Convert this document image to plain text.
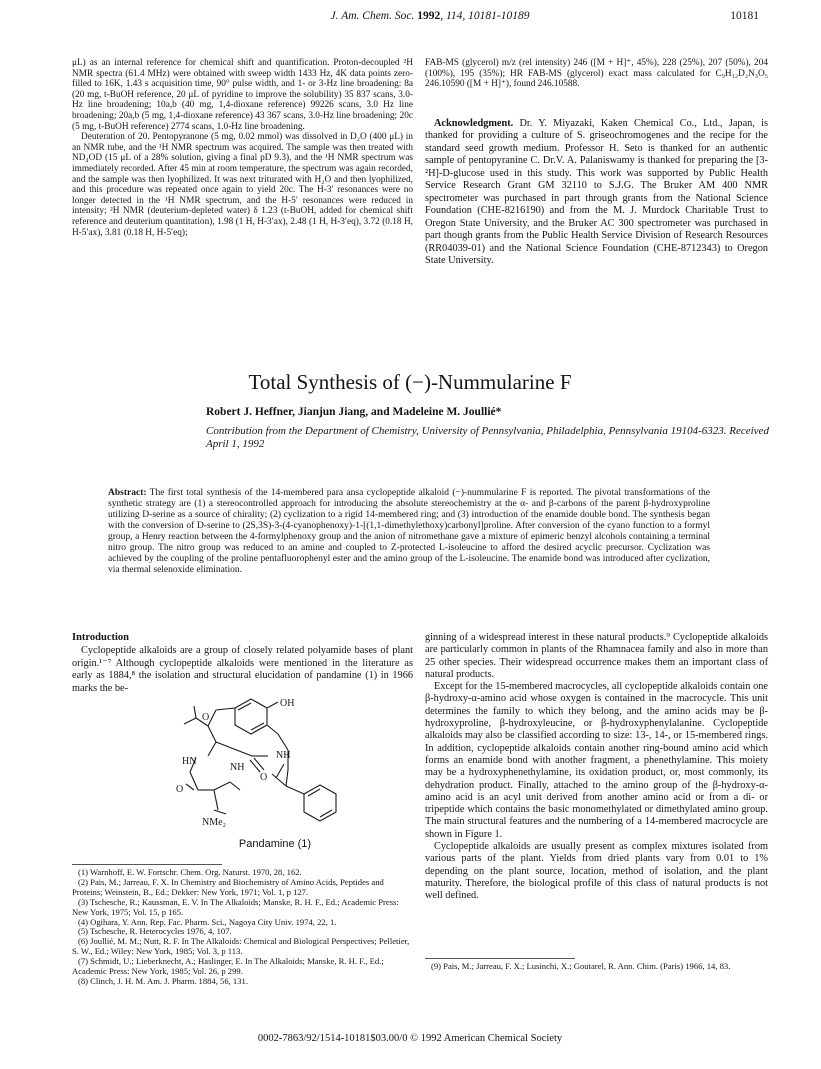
J. Am. Chem. Soc. 1992, 114, 10181-10189	10181

μL) as an internal reference for chemical shift and quantification. Proton-decoupled ²H NMR spectra (61.4 MHz) were obtained with sweep width 1433 Hz, 4K data points zero-filled to 16K, 1.43 s acquisition time, 90° pulse width, and 1- or 3-Hz line broadening: 8a (20 mg, t-BuOH reference, 20 μL of pyridine to improve the solubility) 35 837 scans, 3.0-Hz line broadening; 10a,b (40 mg, 1,4-dioxane reference) 99226 scans, 3.0 Hz line broadening; 20a,b (5 mg, 1,4-dioxane reference) 43 367 scans, 3.0-Hz line broadening; 20c (5 mg, t-BuOH reference) 2774 scans, 1.0-Hz line broadening.

Deuteration of 20. Pentopyranone (5 mg, 0.02 mmol) was dissolved in D₂O (400 μL) in an NMR tube, and the ¹H NMR spectrum was acquired. The sample was then treated with ND₄OD (15 μL of a 28% solution, giving a final pD 9.3), and the ¹H NMR spectrum was immediately recorded. After 45 min at room temperature, the spectrum was again recorded, and the sample was then lyophilized. It was next triturated with H₂O and then lyophilized, and this procedure was repeated once again to yield 20c. The H-3′ resonances were no longer detected in the ¹H NMR spectrum, and the H-5′ resonances were reduced in intensity; ²H NMR (deuterium-depleted water) δ 1.23 (t-BuOH, added for chemical shift reference and deuterium quantitation), 1.98 (1 H, H-3′ax), 2.48 (1 H, H-3′eq), 3.72 (0.18 H, H-5′ax), 3.81 (0.18 H, H-5′eq);

FAB-MS (glycerol) m/z (rel intensity) 246 ([M + H]⁺, 45%), 228 (25%), 207 (50%), 204 (100%), 195 (35%); HR FAB-MS (glycerol) exact mass calculated for C₉H₁₂D₂N₃O₅ 246.10590 ([M + H]⁺), found 246.10588.

Acknowledgment. Dr. Y. Miyazaki, Kaken Chemical Co., Ltd., Japan, is thanked for providing a culture of S. griseochromogenes and the recipe for the standard seed growth medium. Professor H. Seto is thanked for an authentic sample of pentopyranine C. Dr.V. A. Palaniswamy is thanked for preparing the [3-²H]-D-glucose used in this study. This work was supported by Public Health Service Research Grant GM 32110 to S.J.G. The Bruker AM 400 NMR spectrometer was purchased in part through grants from the National Science Foundation (CHE-8216190) and from the M. J. Murdock Charitable Trust to Oregon State University, and the Bruker AC 300 spectrometer was purchased in part though grants from the Public Health Service Division of Research Resources (RR04039-01) and the National Science Foundation (CHE-8712343) to Oregon State University.

Total Synthesis of (−)-Nummularine F
Robert J. Heffner, Jianjun Jiang, and Madeleine M. Joullié*
Contribution from the Department of Chemistry, University of Pennsylvania, Philadelphia, Pennsylvania 19104-6323. Received April 1, 1992
Abstract: The first total synthesis of the 14-membered para ansa cyclopeptide alkaloid (−)-nummularine F is reported. The pivotal transformations of the synthetic strategy are (1) a stereocontrolled approach for introducing the absolute stereochemistry at the α- and β-carbons of the parent β-hydroxyproline utilizing D-serine as a source of chirality; (2) cyclization to a rigid 14-membered ring; and (3) introduction of the enamide double bond. The synthesis began with the conversion of D-serine to (2S,3S)-3-(4-cyanophenoxy)-1-[(1,1-dimethylethoxy)carbonyl]proline. After conversion of the cyano function to a formyl group, a Henry reaction between the 4-formylphenoxy group and the anion of nitromethane gave a mixture of epimeric benzyl alcohols containing a terminal nitro group. The nitro group was reduced to an amine and coupled to Z-protected L-isoleucine to afford the desired acyclic precursor. Cyclization was achieved by the coupling of the proline pentafluorophenyl ester and the amino group of the L-isoleucine. The enamide bond was introduced after cyclization, via thermal selenoxide elimination.
Introduction

Cyclopeptide alkaloids are a group of closely related polyamide bases of plant origin.¹⁻⁷ Although cyclopeptide alkaloids were mentioned in the literature as early as 1884,⁸ the isolation and structural elucidation of pandamine (1) in 1966 marks the be-

OH
O
NH
HN
NH
O
O
NMe₂
Pandamine (1)

ginning of a widespread interest in these natural products.⁹ Cyclopeptide alkaloids are particularly common in plants of the Rhamnacea family and also in more than 25 other species. Their widespread occurrence makes them an important class of natural products.

Except for the 15-membered macrocycles, all cyclopeptide alkaloids contain one β-hydroxy-α-amino acid whose oxygen is contained in the macrocycle. This unit determines the family to which they belong, and the amino acids may be β-hydroxyproline, β-hydroxyleucine, or β-hydroxyphenylalanine. Cyclopeptide alkaloids may also be classified according to size: 13-, 14-, or 15-membered rings. In addition, cyclopeptide alkaloids contain another ring-bound amino acid which forms an enamide bond with another fragment, a phenethylamine. This moiety may be a hydroxyphenethylamine, its oxidation product, or, most commonly, its dehydration product. Finally, attached to the amino group of the β-hydroxy-α-amino acid is an acyl unit derived from another amino acid or from a di- or tripeptide which contains the basic monomethylated or dimethylated amino group. The main structural features and the numbering of a 14-membered macrocycle are shown in Figure 1.

Cyclopeptide alkaloids are usually present as complex mixtures isolated from various parts of the plant. Yields from dried plants vary from 0.01 to 1% depending on the plant source, location, method of isolation, and the plant maturity. Therefore, the biological profile of this class of natural products is not well defined.

(1) Warnhoff, E. W. Fortschr. Chem. Org. Naturst. 1970, 28, 162.

(2) Pais, M.; Jarreau, F. X. In Chemistry and Biochemistry of Amino Acids, Peptides and Proteins; Weinstein, B., Ed.; Dekker: New York, 1971; Vol. 1, p 127.

(3) Tschesche, R.; Kaussman, E. V. In The Alkaloids; Manske, R. H. F., Ed.; Academic Press: New York, 1975; Vol. 15, p 165.

(4) Ogihara, Y. Ann. Rep. Fac. Pharm. Sci., Nagoya City Univ. 1974, 22, 1.

(5) Tschesche, R. Heterocycles 1976, 4, 107.

(6) Joullié, M. M.; Nutt, R. F. In The Alkaloids: Chemical and Biological Perspectives; Pelletier, S. W., Ed.; Wiley: New York, 1985; Vol. 3, p 113.

(7) Schmidt, U.; Lieberknecht, A.; Haslinger, E. In The Alkaloids; Manske, R. H. F., Ed.; Academic Press: New York, 1985; Vol. 26, p 299.

(8) Clinch, J. H. M. Am. J. Pharm. 1884, 56, 131.

(9) Pais, M.; Jarreau, F. X.; Lusinchi, X.; Goutarel, R. Ann. Chim. (Paris) 1966, 14, 83.

0002-7863/92/1514-10181$03.00/0 © 1992 American Chemical Society
